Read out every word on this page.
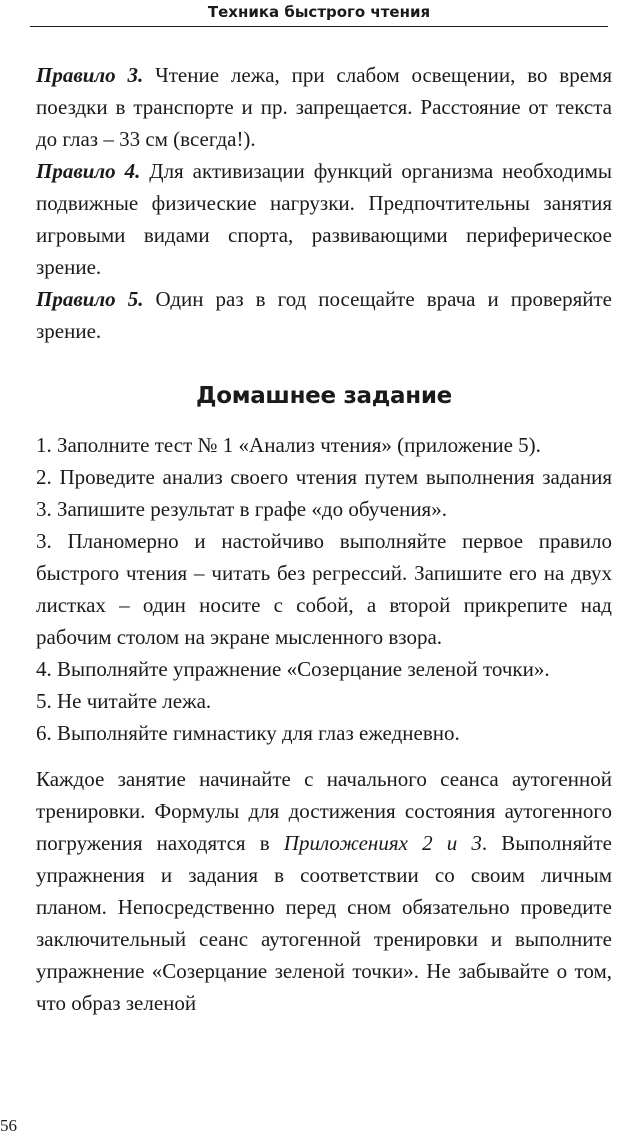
Техника быстрого чтения

Правило 3. Чтение лежа, при слабом освещении, во время поездки в транспорте и пр. запрещается. Расстояние от текста до глаз – 33 см (всегда!).

Правило 4. Для активизации функций организма необходимы подвижные физические нагрузки. Предпочтительны занятия игровыми видами спорта, развивающими периферическое зрение.

Правило 5. Один раз в год посещайте врача и проверяйте зрение.

Домашнее задание

1. Заполните тест № 1 «Анализ чтения» (приложение 5).

2. Проведите анализ своего чтения путем выполнения задания 3. Запишите результат в графе «до обучения».

3. Планомерно и настойчиво выполняйте первое правило быстрого чтения – читать без регрессий. Запишите его на двух листках – один носите с собой, а второй прикрепите над рабочим столом на экране мысленного взора.

4. Выполняйте упражнение «Созерцание зеленой точки».

5. Не читайте лежа.

6. Выполняйте гимнастику для глаз ежедневно.

Каждое занятие начинайте с начального сеанса аутогенной тренировки. Формулы для достижения состояния аутогенного погружения находятся в Приложениях 2 и 3. Выполняйте упражнения и задания в соответствии со своим личным планом. Непосредственно перед сном обязательно проведите заключительный сеанс аутогенной тренировки и выполните упражнение «Созерцание зеленой точки». Не забывайте о том, что образ зеленой

56
